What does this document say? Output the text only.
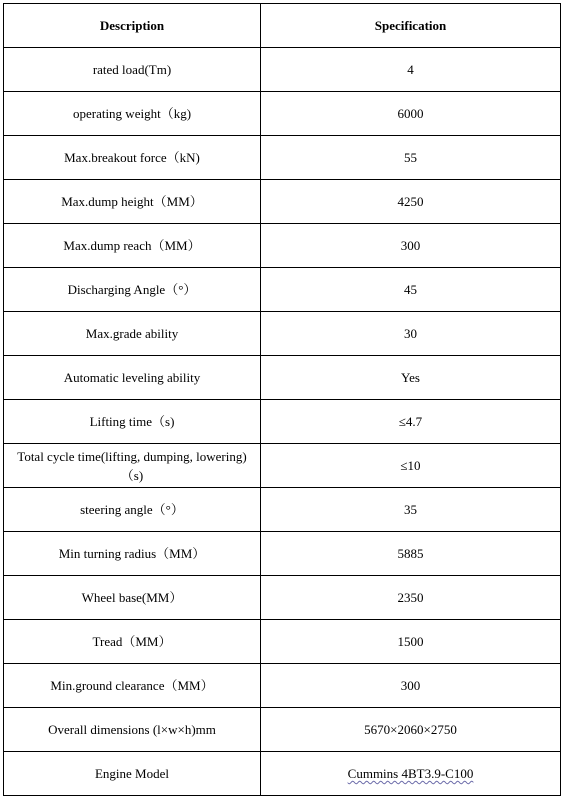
Description	Specification
rated load(Tm)	4
operating weight（kg)	6000
Max.breakout force（kN)	55
Max.dump height（MM）	4250
Max.dump reach（MM）	300
Discharging Angle（°）	45
Max.grade ability	30
Automatic leveling ability	Yes
Lifting time（s)	≤4.7
Total cycle time(lifting, dumping, lowering)（s)	≤10
steering angle（°）	35
Min turning radius（MM）	5885
Wheel base(MM）	2350
Tread（MM）	1500
Min.ground clearance（MM）	300
Overall dimensions (l×w×h)mm	5670×2060×2750
Engine Model	Cummins 4BT3.9-C100
